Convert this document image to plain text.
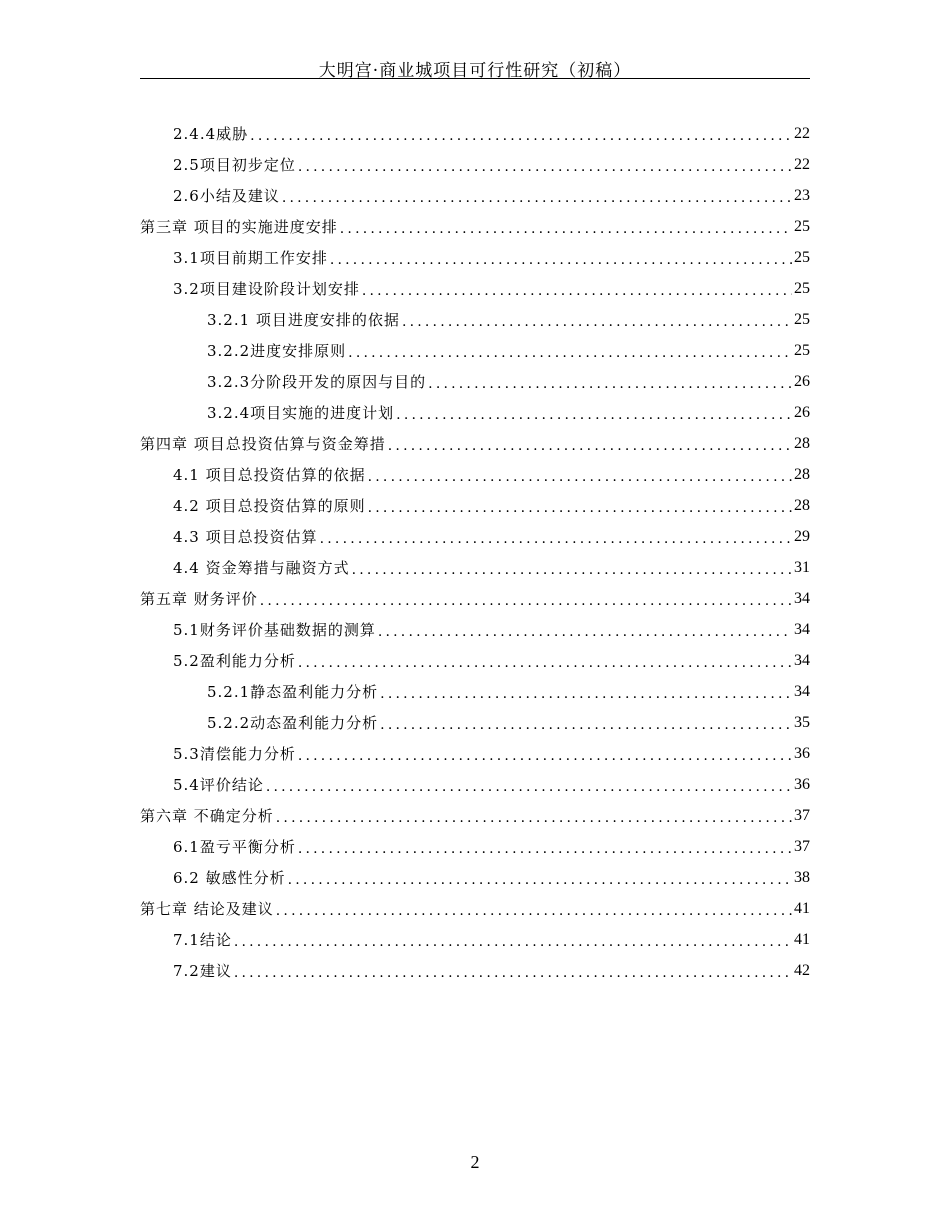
大明宫·商业城项目可行性研究（初稿）
2.4.4威胁 .....	22
2.5项目初步定位 .....	22
2.6小结及建议 .....	23
第三章 项目的实施进度安排 .....	25
3.1项目前期工作安排 .....	25
3.2项目建设阶段计划安排 .....	25
3.2.1 项目进度安排的依据 .....	25
3.2.2进度安排原则 .....	25
3.2.3分阶段开发的原因与目的 .....	26
3.2.4项目实施的进度计划 .....	26
第四章 项目总投资估算与资金筹措 .....	28
4.1 项目总投资估算的依据 .....	28
4.2 项目总投资估算的原则 .....	28
4.3 项目总投资估算 .....	29
4.4 资金筹措与融资方式 .....	31
第五章 财务评价 .....	34
5.1财务评价基础数据的测算 .....	34
5.2盈利能力分析 .....	34
5.2.1静态盈利能力分析 .....	34
5.2.2动态盈利能力分析 .....	35
5.3清偿能力分析 .....	36
5.4评价结论 .....	36
第六章 不确定分析 .....	37
6.1盈亏平衡分析 .....	37
6.2 敏感性分析 .....	38
第七章 结论及建议 .....	41
7.1结论 .....	41
7.2建议 .....	42
2
